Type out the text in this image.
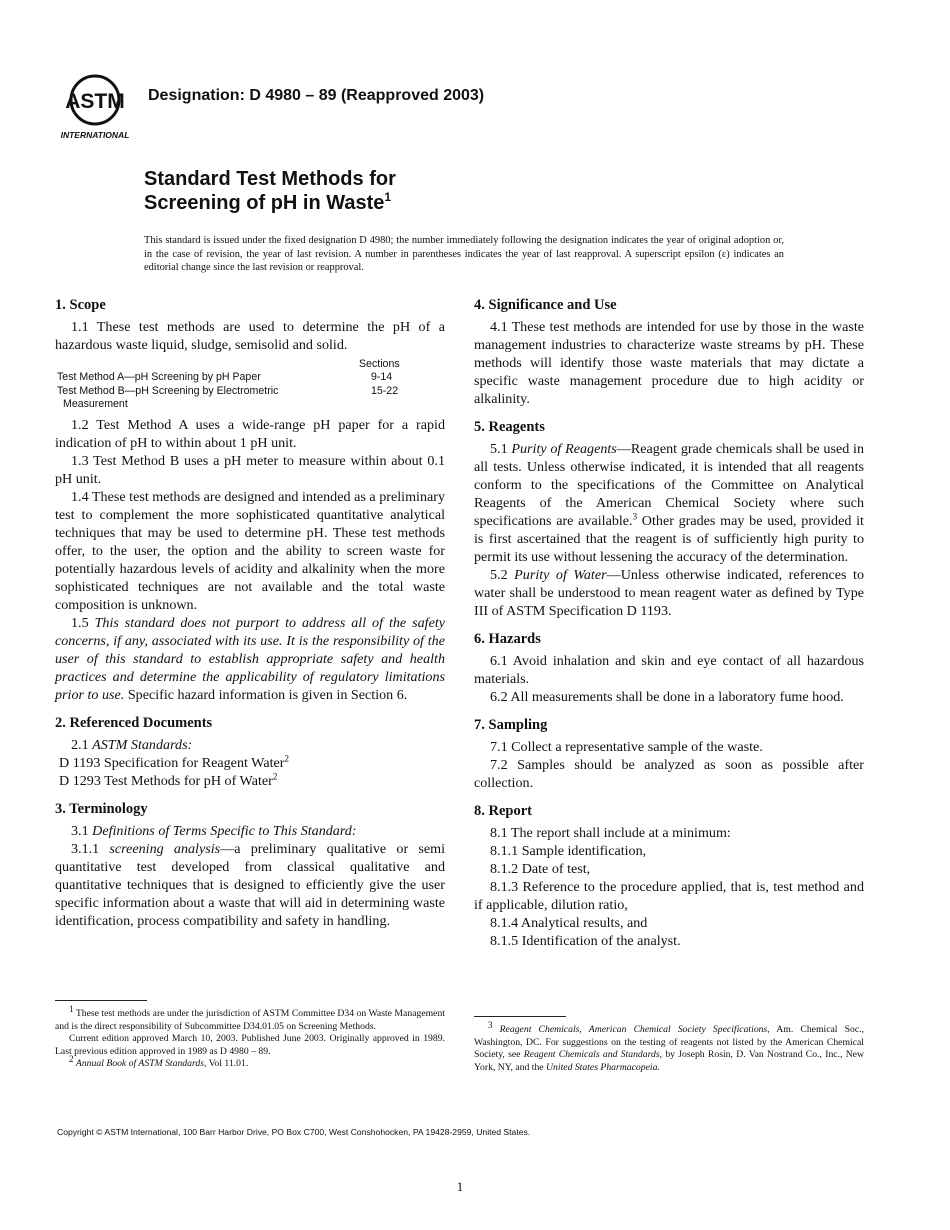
ASTM
INTERNATIONAL
Designation: D 4980 – 89 (Reapproved 2003)
Standard Test Methods for
Screening of pH in Waste$^1$
This standard is issued under the fixed designation D 4980; the number immediately following the designation indicates the year of original adoption or, in the case of revision, the year of last revision. A number in parentheses indicates the year of last reapproval. A superscript epsilon (ε) indicates an editorial change since the last revision or reapproval.
1. Scope

1.1 These test methods are used to determine the pH of a hazardous waste liquid, sludge, semisolid and solid.

Sections
Test Method A—pH Screening by pH Paper	9-14
Test Method B—pH Screening by Electrometric	15-22
Measurement

1.2 Test Method A uses a wide-range pH paper for a rapid indication of pH to within about 1 pH unit.

1.3 Test Method B uses a pH meter to measure within about 0.1 pH unit.

1.4 These test methods are designed and intended as a preliminary test to complement the more sophisticated quantitative analytical techniques that may be used to determine pH. These test methods offer, to the user, the option and the ability to screen waste for potentially hazardous levels of acidity and alkalinity when the more sophisticated techniques are not available and the total waste composition is unknown.

1.5 This standard does not purport to address all of the safety concerns, if any, associated with its use. It is the responsibility of the user of this standard to establish appropriate safety and health practices and determine the applicability of regulatory limitations prior to use. Specific hazard information is given in Section 6.

2. Referenced Documents

2.1 ASTM Standards:

D 1193 Specification for Reagent Water$^2$
D 1293 Test Methods for pH of Water$^2$
3. Terminology

3.1 Definitions of Terms Specific to This Standard:

3.1.1 screening analysis—a preliminary qualitative or semi quantitative test developed from classical qualitative and quantitative techniques that is designed to efficiently give the user specific information about a waste that will aid in determining waste identification, process compatibility and safety in handling.

$^1$ These test methods are under the jurisdiction of ASTM Committee D34 on Waste Management and is the direct responsibility of Subcommittee D34.01.05 on Screening Methods.

Current edition approved March 10, 2003. Published June 2003. Originally approved in 1989. Last previous edition approved in 1989 as D 4980 – 89.

$^2$ Annual Book of ASTM Standards, Vol 11.01.

4. Significance and Use

4.1 These test methods are intended for use by those in the waste management industries to characterize waste streams by pH. These methods will identify those waste materials that may dictate a specific waste management procedure due to high acidity or alkalinity.

5. Reagents

5.1 Purity of Reagents—Reagent grade chemicals shall be used in all tests. Unless otherwise indicated, it is intended that all reagents conform to the specifications of the Committee on Analytical Reagents of the American Chemical Society where such specifications are available.$^3$ Other grades may be used, provided it is first ascertained that the reagent is of sufficiently high purity to permit its use without lessening the accuracy of the determination.

5.2 Purity of Water—Unless otherwise indicated, references to water shall be understood to mean reagent water as defined by Type III of ASTM Specification D 1193.

6. Hazards

6.1 Avoid inhalation and skin and eye contact of all hazardous materials.

6.2 All measurements shall be done in a laboratory fume hood.

7. Sampling

7.1 Collect a representative sample of the waste.

7.2 Samples should be analyzed as soon as possible after collection.

8. Report

8.1 The report shall include at a minimum:

8.1.1 Sample identification,

8.1.2 Date of test,

8.1.3 Reference to the procedure applied, that is, test method and if applicable, dilution ratio,

8.1.4 Analytical results, and

8.1.5 Identification of the analyst.

$^3$ Reagent Chemicals, American Chemical Society Specifications, Am. Chemical Soc., Washington, DC. For suggestions on the testing of reagents not listed by the American Chemical Society, see Reagent Chemicals and Standards, by Joseph Rosin, D. Van Nostrand Co., Inc., New York, NY, and the United States Pharmacopeia.

Copyright © ASTM International, 100 Barr Harbor Drive, PO Box C700, West Conshohocken, PA 19428-2959, United States.
1
